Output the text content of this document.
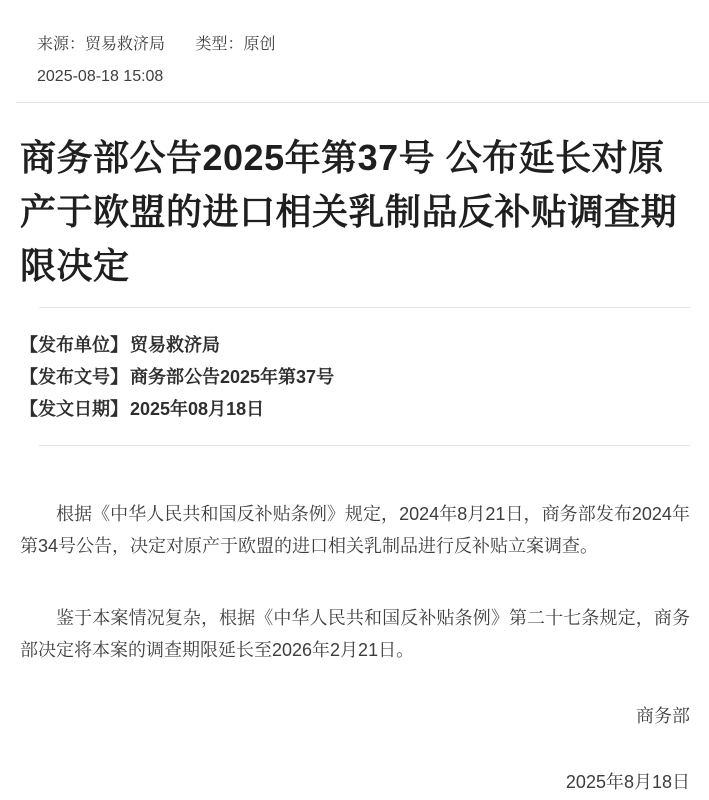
来源：贸易救济局 类型：原创
2025-08-18 15:08
商务部公告2025年第37号 公布延长对原产于欧盟的进口相关乳制品反补贴调查期限决定
【发布单位】 贸易救济局
【发布文号】 商务部公告2025年第37号
【发文日期】 2025年08月18日

根据《中华人民共和国反补贴条例》规定，2024年8月21日，商务部发布2024年第34号公告，决定对原产于欧盟的进口相关乳制品进行反补贴立案调查。

鉴于本案情况复杂，根据《中华人民共和国反补贴条例》第二十七条规定，商务部决定将本案的调查期限延长至2026年2月21日。

商务部
2025年8月18日
